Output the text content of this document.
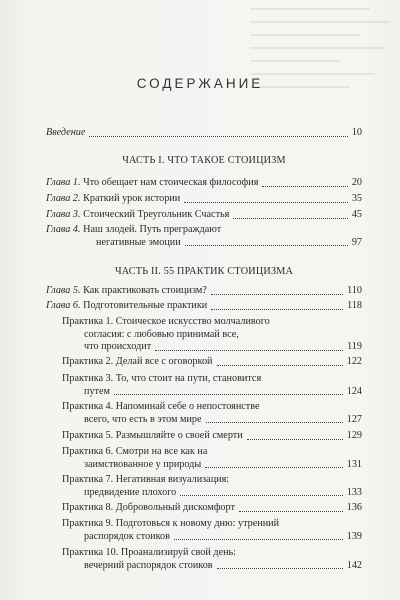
СОДЕРЖАНИЕ
Введение	10
ЧАСТЬ I. ЧТО ТАКОЕ СТОИЦИЗМ
Глава 1. Что обещает нам стоическая философия	20
Глава 2. Краткий урок истории	35
Глава 3. Стоический Треугольник Счастья	45
Глава 4. Наш злодей. Путь преграждают
негативные эмоции	97
ЧАСТЬ II. 55 ПРАКТИК СТОИЦИЗМА
Глава 5. Как практиковать стоицизм?	110
Глава 6. Подготовительные практики	118
Практика 1. Стоическое искусство молчаливого
согласия: с любовью принимай все,
что происходит	119
Практика 2. Делай все с оговоркой	122
Практика 3. То, что стоит на пути, становится
путем	124
Практика 4. Напоминай себе о непостоянстве
всего, что есть в этом мире	127
Практика 5. Размышляйте о своей смерти	129
Практика 6. Смотри на все как на
заимствованное у природы	131
Практика 7. Негативная визуализация:
предвидение плохого	133
Практика 8. Добровольный дискомфорт	136
Практика 9. Подготовься к новому дню: утренний
распорядок стоиков	139
Практика 10. Проанализируй свой день:
вечерний распорядок стоиков	142
